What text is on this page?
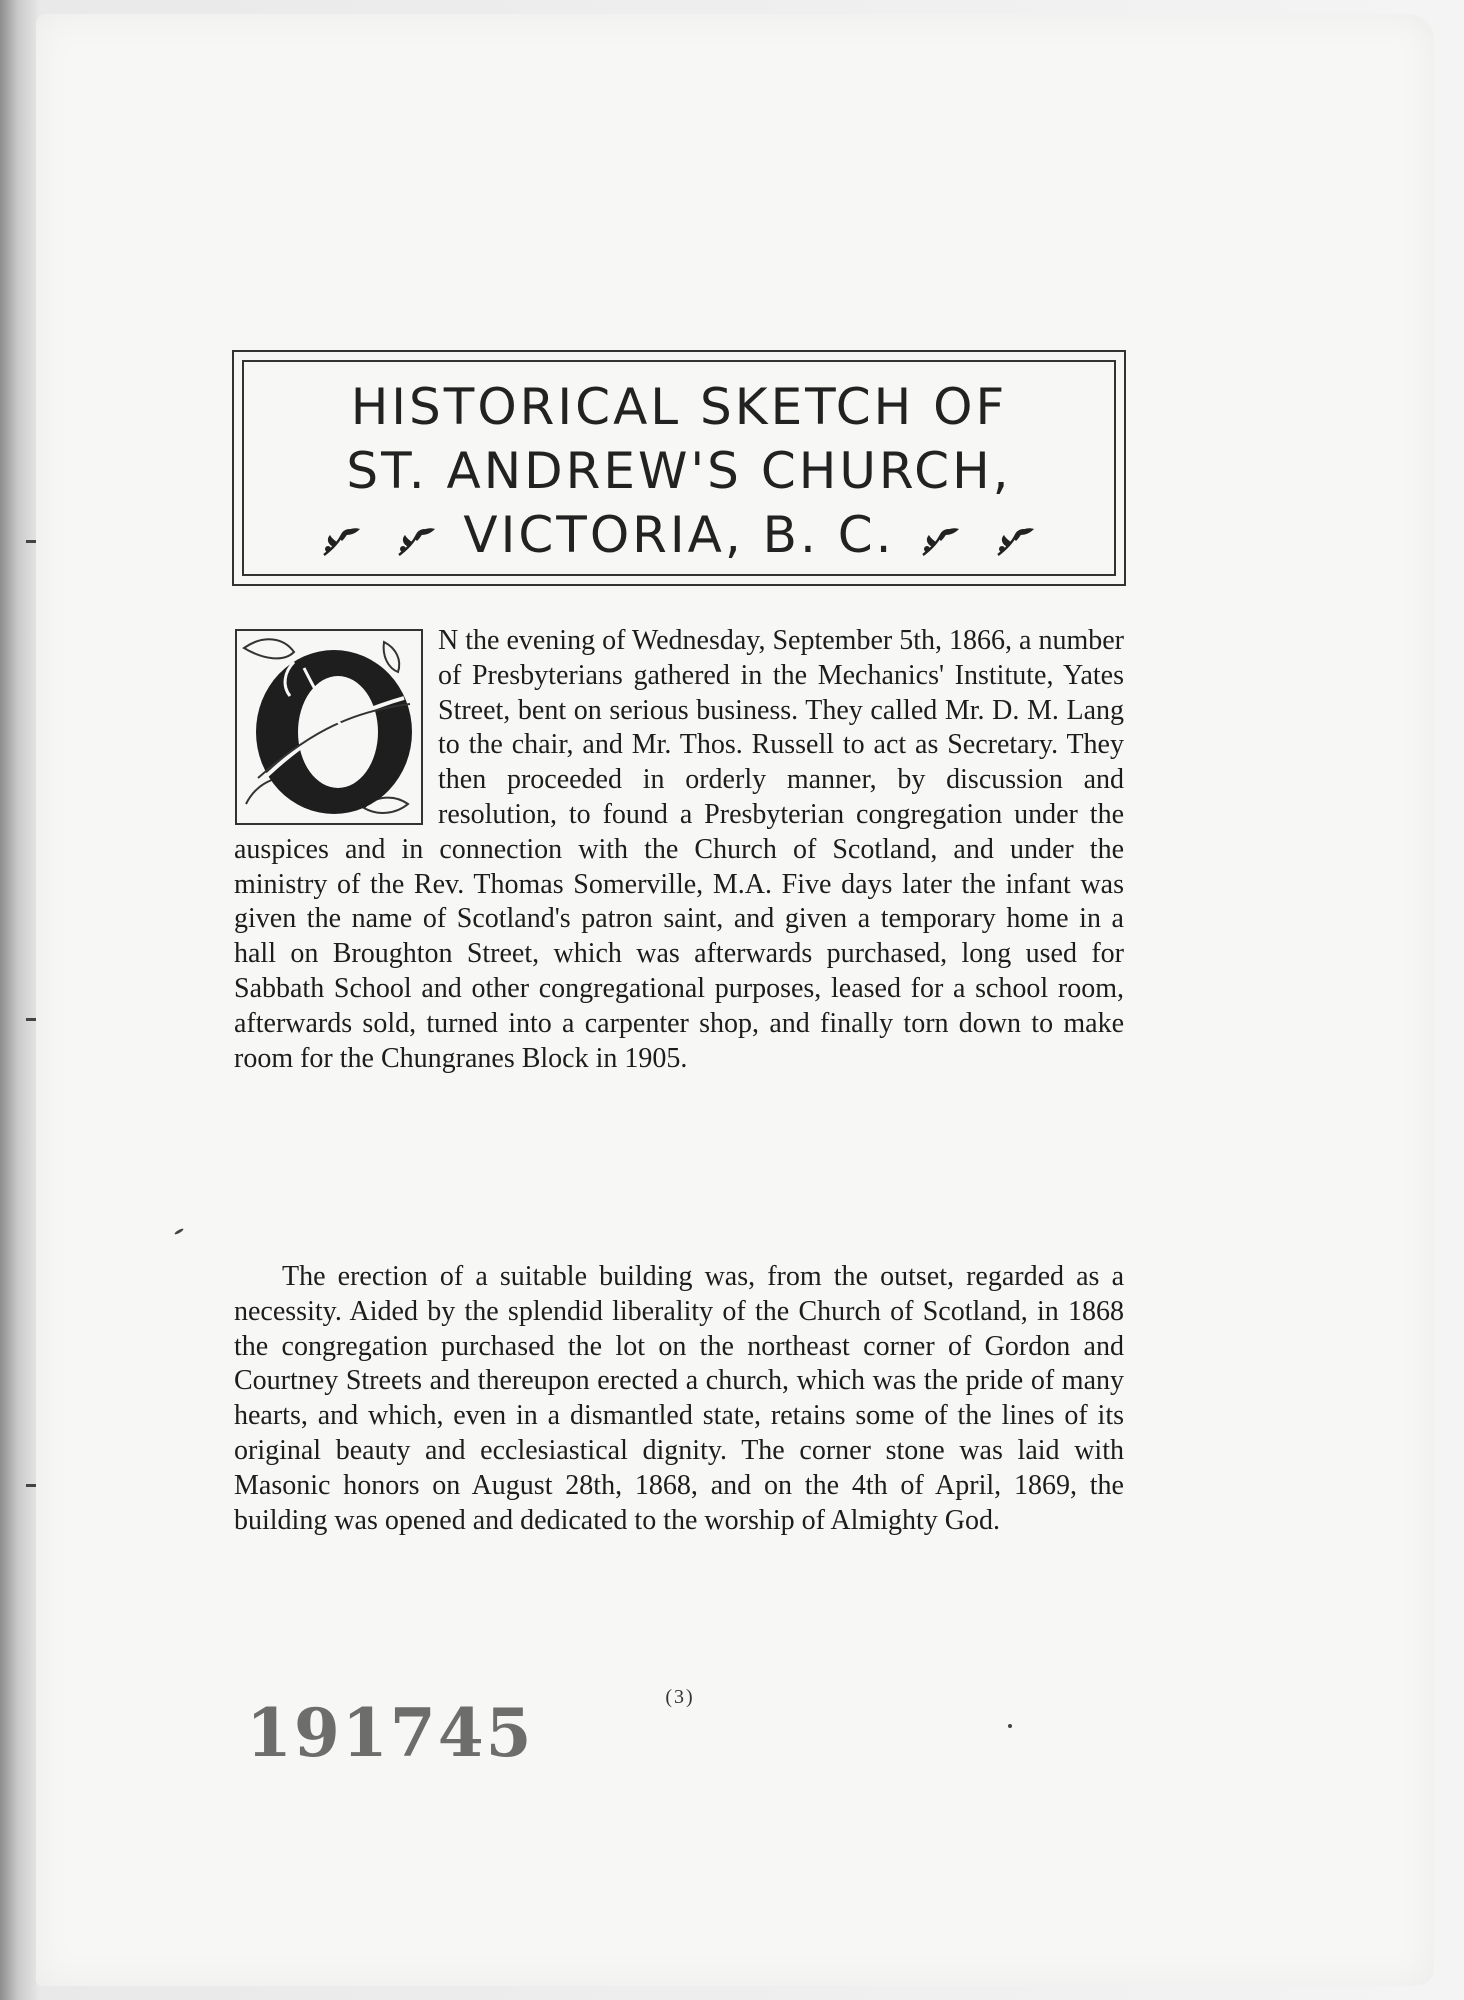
HISTORICAL SKETCH OF
ST. ANDREW'S CHURCH,
VICTORIA, B. C.
N the evening of Wednesday, September 5th, 1866, a number of Presbyterians gathered in the Mechanics' Institute, Yates Street, bent on serious business. They called Mr. D. M. Lang to the chair, and Mr. Thos. Russell to act as Secretary. They then proceeded in orderly manner, by discussion and resolution, to found a Presbyterian congregation under the auspices and in connection with the Church of Scotland, and under the ministry of the Rev. Thomas Somerville, M.A. Five days later the infant was given the name of Scotland's patron saint, and given a temporary home in a hall on Broughton Street, which was afterwards purchased, long used for Sabbath School and other congregational purposes, leased for a school room, afterwards sold, turned into a carpenter shop, and finally torn down to make room for the Chungranes Block in 1905.
The erection of a suitable building was, from the outset, regarded as a necessity. Aided by the splendid liberality of the Church of Scotland, in 1868 the congregation purchased the lot on the northeast corner of Gordon and Courtney Streets and thereupon erected a church, which was the pride of many hearts, and which, even in a dismantled state, retains some of the lines of its original beauty and ecclesiastical dignity. The corner stone was laid with Masonic honors on August 28th, 1868, and on the 4th of April, 1869, the building was opened and dedicated to the worship of Almighty God.
(3)
191745
